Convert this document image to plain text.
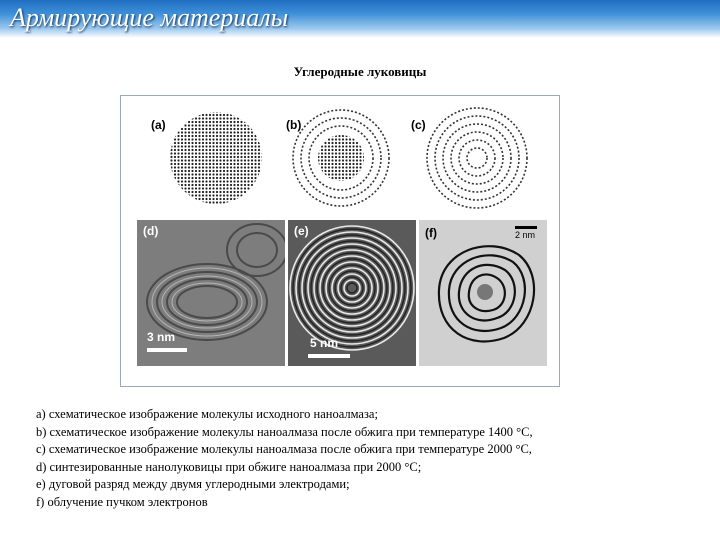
Армирующие материалы
Углеродные луковицы
(a)	(b)	(c)
(d)
3 nm
(e)
5 nm
(f)	2 nm
a) схематическое изображение молекулы исходного наноалмаза;
b) схематическое изображение молекулы наноалмаза после обжига при температуре 1400 °С,
c) схематическое изображение молекулы наноалмаза после обжига при температуре 2000 °С,
d) синтезированные нанолуковицы при обжиге наноалмаза при 2000 °С;
e) дуговой разряд между двумя углеродными электродами;
f) облучение пучком электронов
